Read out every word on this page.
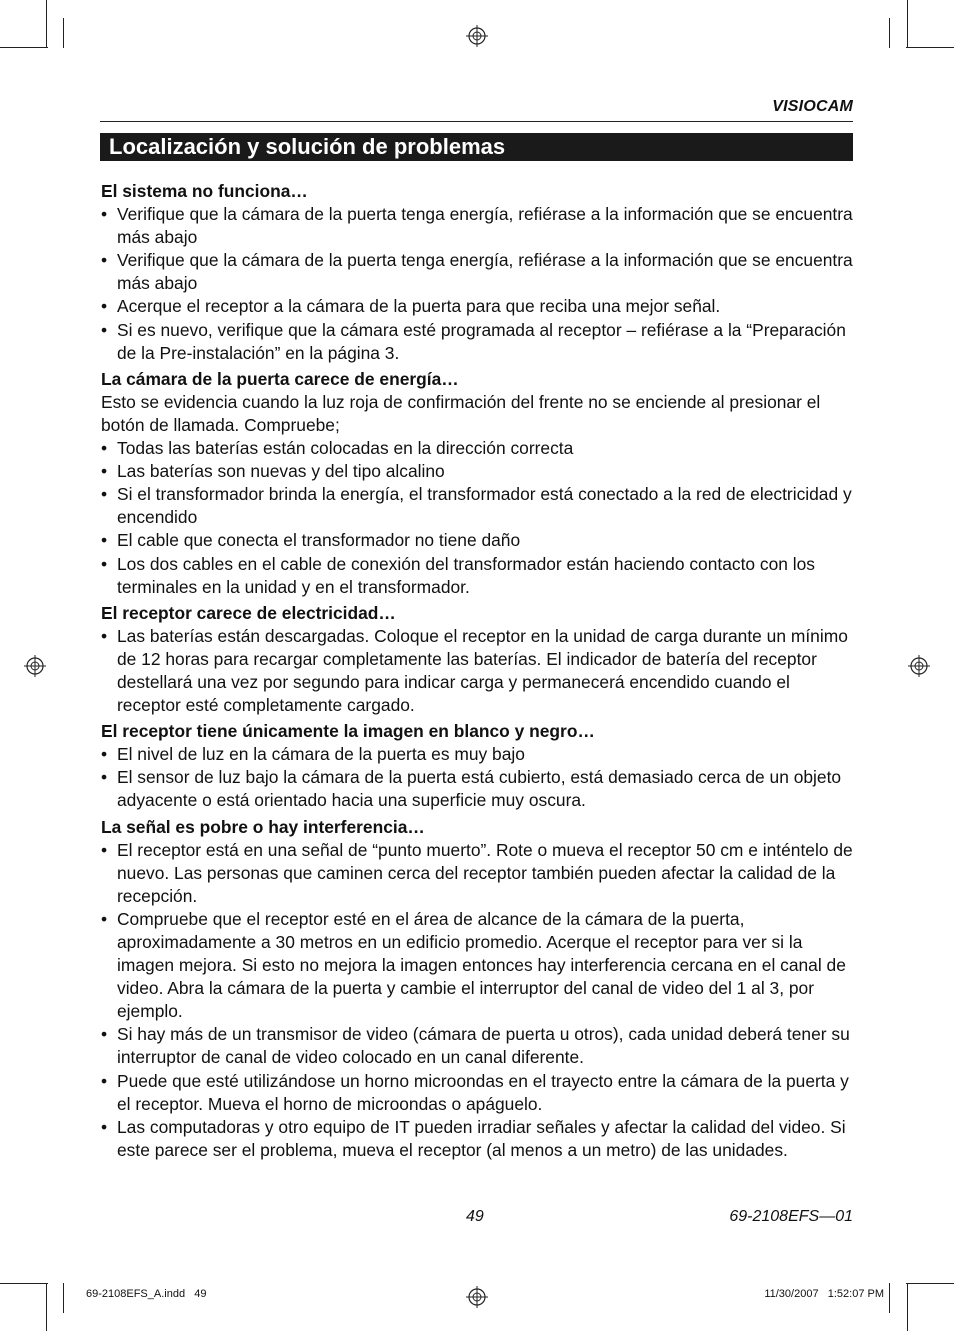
VISIOCAM
Localización y solución de problemas
El sistema no funciona…
• Verifique que la cámara de la puerta tenga energía, refiérase a la información que se encuentra más abajo
• Verifique que la cámara de la puerta tenga energía, refiérase a la información que se encuentra más abajo
• Acerque el receptor a la cámara de la puerta para que reciba una mejor señal.
• Si es nuevo, verifique que la cámara esté programada al receptor – refiérase a la “Preparación de la Pre-instalación” en la página 3.
La cámara de la puerta carece de energía…

Esto se evidencia cuando la luz roja de confirmación del frente no se enciende al presionar el botón de llamada. Compruebe;

• Todas las baterías están colocadas en la dirección correcta
• Las baterías son nuevas y del tipo alcalino
• Si el transformador brinda la energía, el transformador está conectado a la red de electricidad y encendido
• El cable que conecta el transformador no tiene daño
• Los dos cables en el cable de conexión del transformador están haciendo contacto con los terminales en la unidad y en el transformador.
El receptor carece de electricidad…
• Las baterías están descargadas. Coloque el receptor en la unidad de carga durante un mínimo de 12 horas para recargar completamente las baterías. El indicador de batería del receptor destellará una vez por segundo para indicar carga y permanecerá encendido cuando el receptor esté completamente cargado.
El receptor tiene únicamente la imagen en blanco y negro…
• El nivel de luz en la cámara de la puerta es muy bajo
• El sensor de luz bajo la cámara de la puerta está cubierto, está demasiado cerca de un objeto adyacente o está orientado hacia una superficie muy oscura.
La señal es pobre o hay interferencia…
• El receptor está en una señal de “punto muerto”. Rote o mueva el receptor 50 cm e inténtelo de nuevo. Las personas que caminen cerca del receptor también pueden afectar la calidad de la recepción.
• Compruebe que el receptor esté en el área de alcance de la cámara de la puerta, aproximadamente a 30 metros en un edificio promedio. Acerque el receptor para ver si la imagen mejora. Si esto no mejora la imagen entonces hay interferencia cercana en el canal de video. Abra la cámara de la puerta y cambie el interruptor del canal de video del 1 al 3, por ejemplo.
• Si hay más de un transmisor de video (cámara de puerta u otros), cada unidad deberá tener su interruptor de canal de video colocado en un canal diferente.
• Puede que esté utilizándose un horno microondas en el trayecto entre la cámara de la puerta y el receptor. Mueva el horno de microondas o apáguelo.
• Las computadoras y otro equipo de IT pueden irradiar señales y afectar la calidad del video. Si este parece ser el problema, mueva el receptor (al menos a un metro) de las unidades.
49	69-2108EFS—01
69-2108EFS_A.indd   49	11/30/2007   1:52:07 PM
